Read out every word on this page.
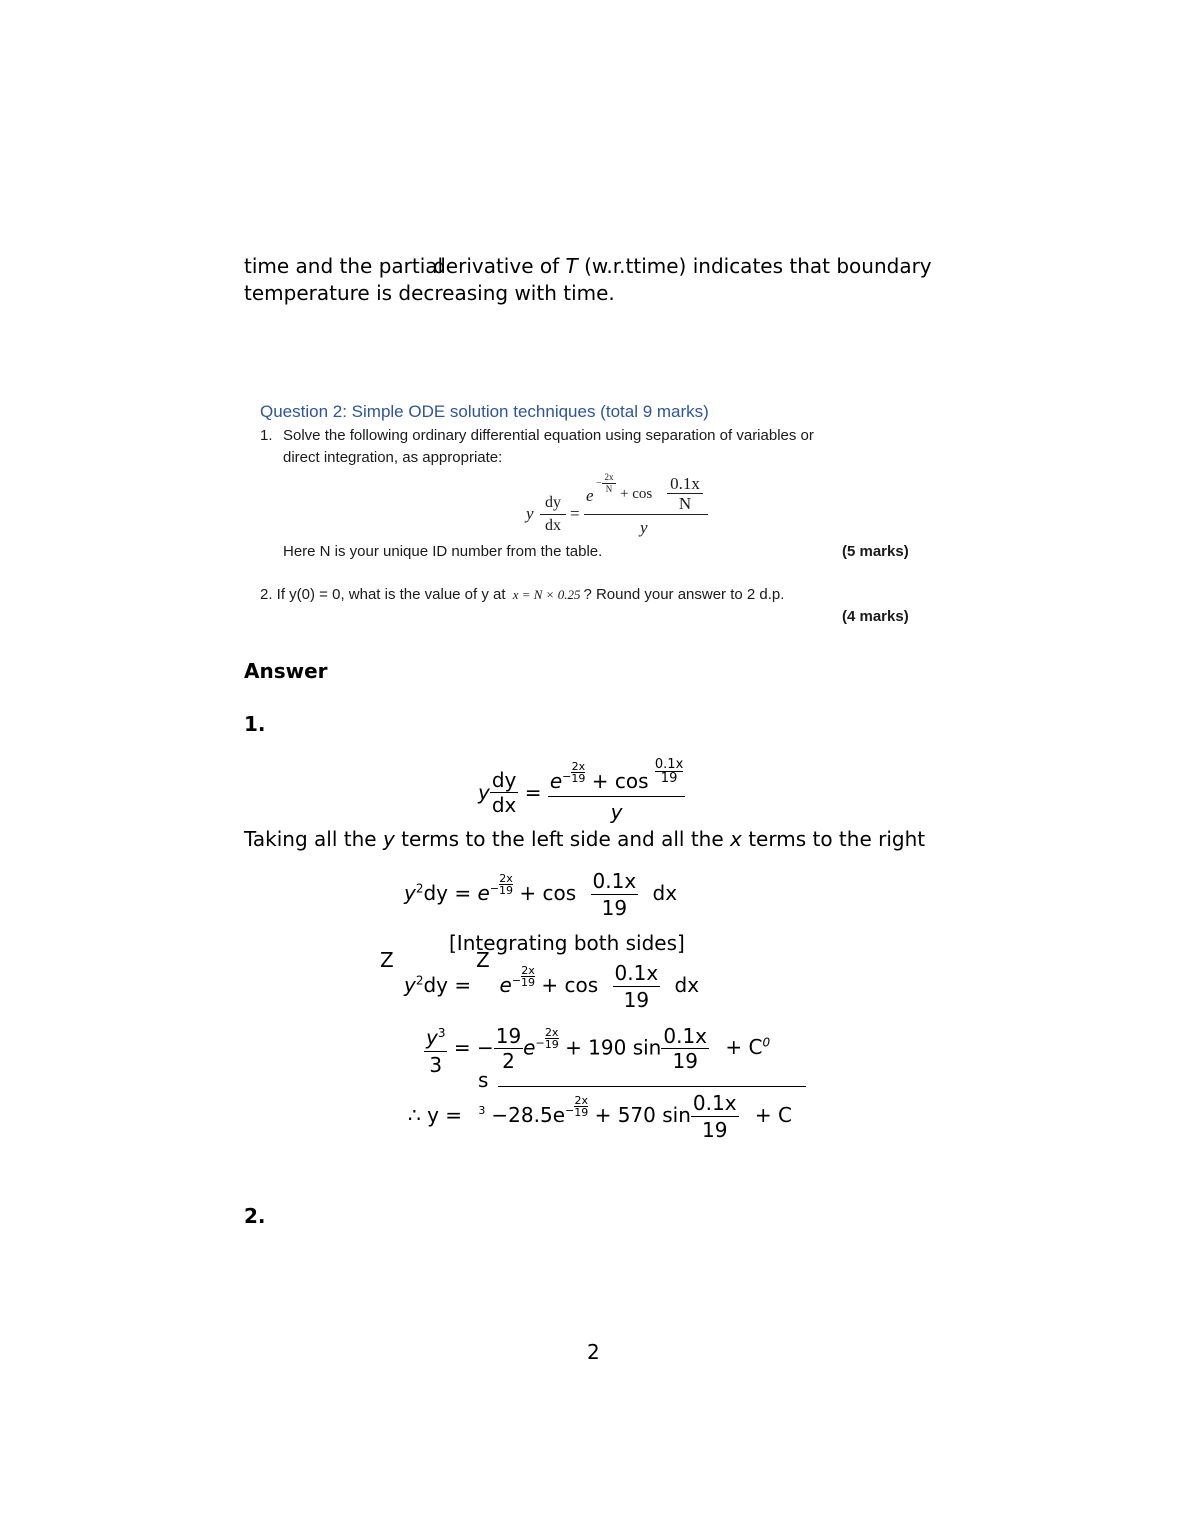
time and the partialderivative of T (w.r.ttime) indicates that boundary
temperature is decreasing with time.
Question 2: Simple ODE solution techniques (total 9 marks)
1. Solve the following ordinary differential equation using separation of variables or
direct integration, as appropriate:
y
dy
dx
=
e
−
2x
N + cos
0.1x
N
y
Here N is your unique ID number from the table.	(5 marks)
2. If y(0) = 0, what is the value of y at x = N × 0.25 ? Round your answer to 2 d.p.
(4 marks)
Answer
1.
y $\frac{dy}{dx} = \frac{e^- \frac{2x}{19} + \cos \frac{0.1x}{19}}{y}$
Taking all the y terms to the left side and all the x terms to the right
$y^2dy = e^- \frac{2x}{19} + \cos \frac{0.1x}{19}$ dx
[Integrating both sides]
Z	Z
$y^2dy = e^- \frac{2x}{19} + \cos \frac{0.1x}{19}$ dx
$\frac{y^3}{3}$ = − $\frac{19}{2} e^- \frac{2x}{19} + 190$ $\sin \frac{0.1x}{19} + C^0$
s
∴ $y = ^3 -28.5e^- \frac{2x}{19} + 570$ $\sin \frac{0.1x}{19} + C$
2.
2
